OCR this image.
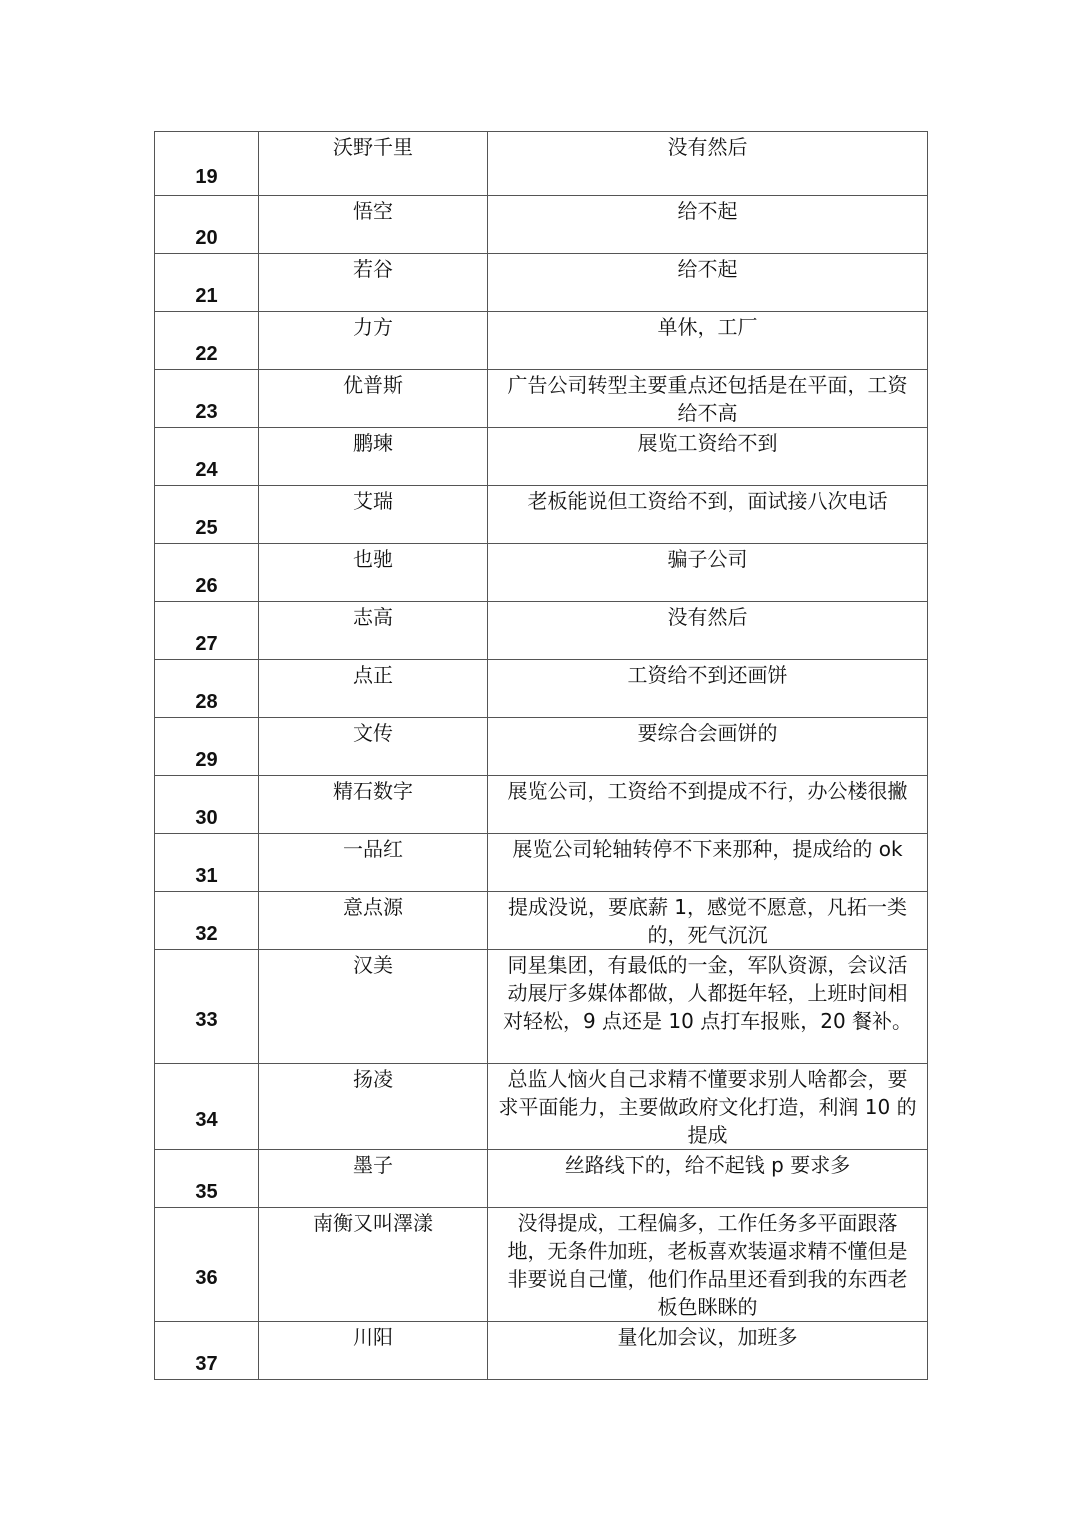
19	沃野千里	没有然后
20	悟空	给不起
21	若谷	给不起
22	力方	单休，工厂
23	优普斯	广告公司转型主要重点还包括是在平面，工资给不高
24	鹏瑓	展览工资给不到
25	艾瑞	老板能说但工资给不到，面试接八次电话
26	也驰	骗子公司
27	志高	没有然后
28	点正	工资给不到还画饼
29	文传	要综合会画饼的
30	精石数字	展览公司，工资给不到提成不行，办公楼很撇
31	一品红	展览公司轮轴转停不下来那种，提成给的 ok
32	意点源	提成没说，要底薪 1，感觉不愿意，凡拓一类的，死气沉沉
33	汉美	同星集团，有最低的一金，军队资源，会议活动展厅多媒体都做，人都挺年轻，上班时间相对轻松，9 点还是 10 点打车报账，20 餐补。
34	扬凌	总监人恼火自己求精不懂要求别人啥都会，要求平面能力，主要做政府文化打造，利润 10 的提成
35	墨子	丝路线下的，给不起钱 p 要求多
36	南衡又叫澤漾	没得提成，工程偏多，工作任务多平面跟落地，无条件加班，老板喜欢装逼求精不懂但是非要说自己懂，他们作品里还看到我的东西老板色眯眯的
37	川阳	量化加会议，加班多
